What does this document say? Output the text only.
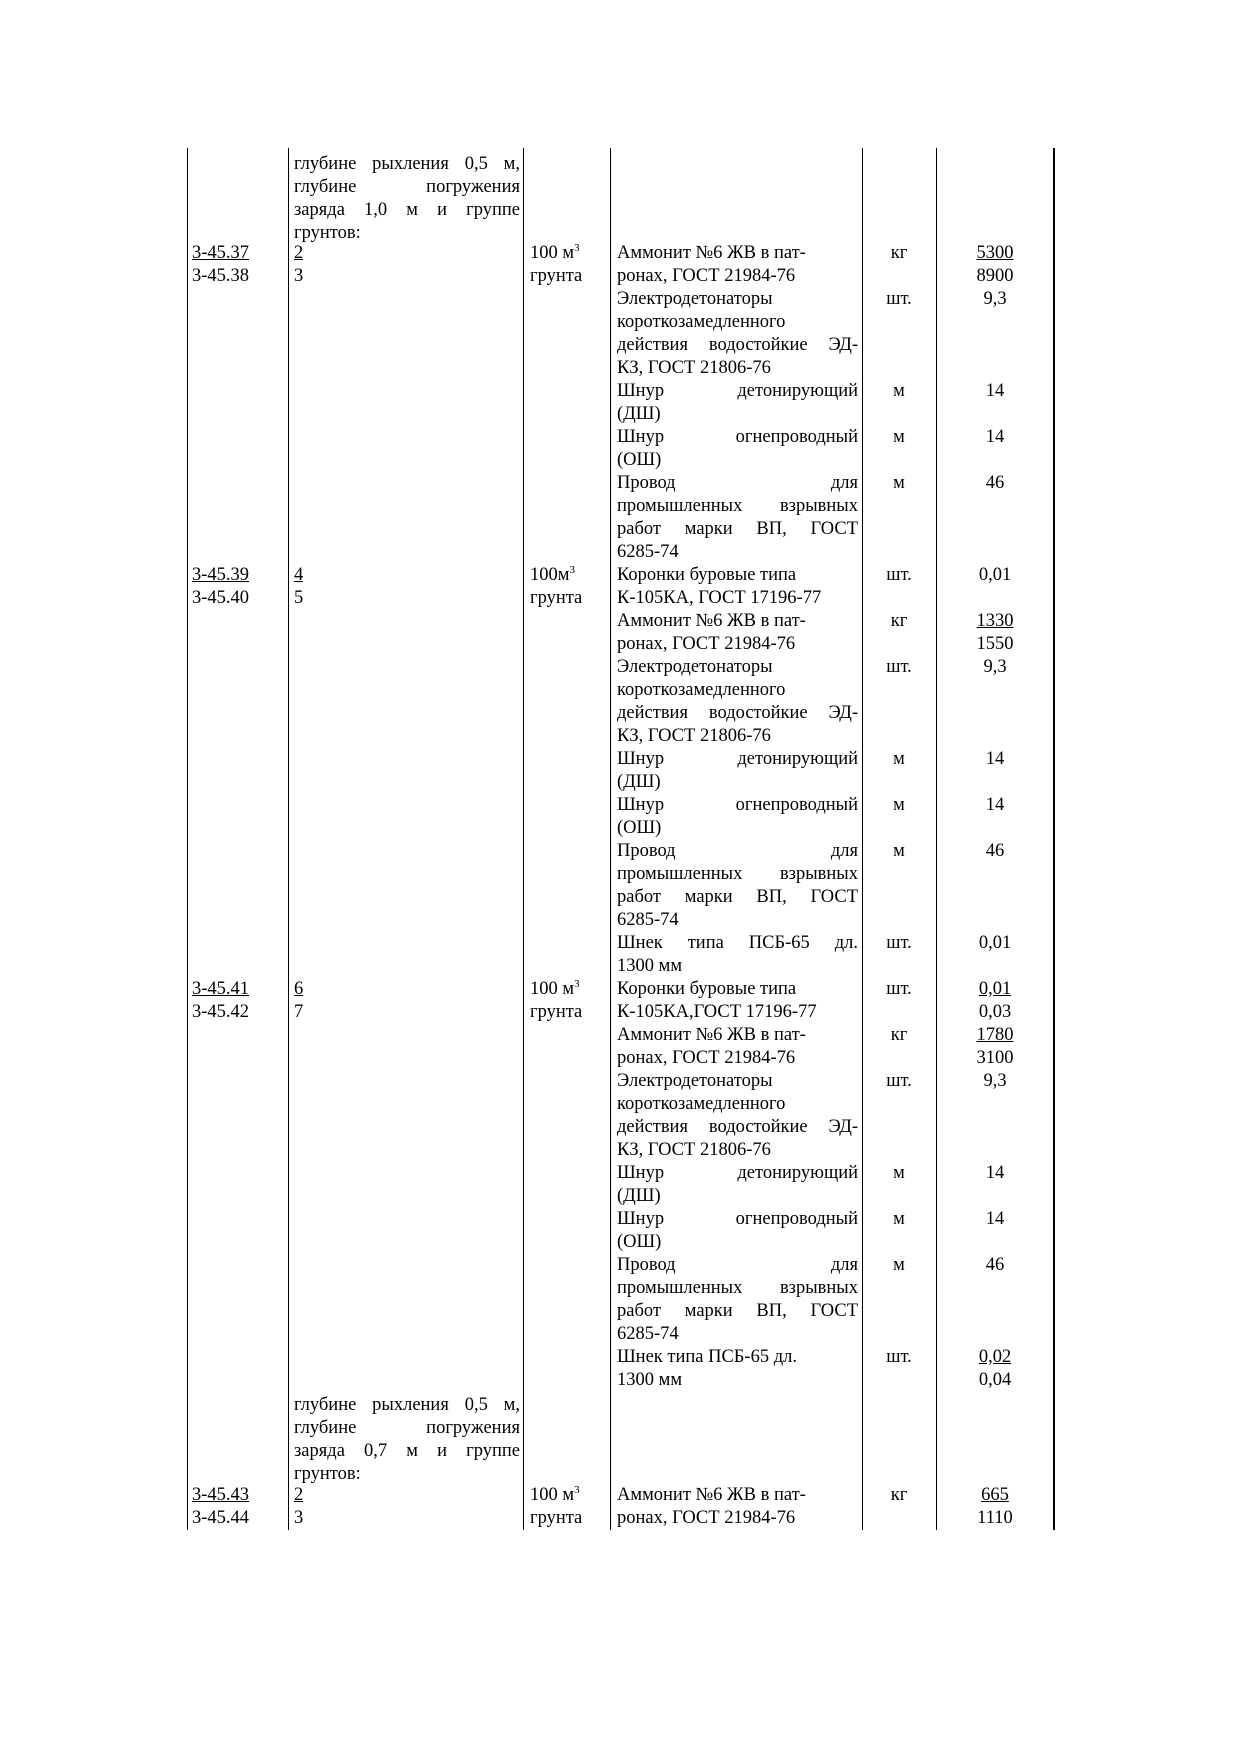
глубине рыхления 0,5 м,
глубине погружения
заряда 1,0 м и группе
грунтов:
3-45.37
3-45.38
2
3
100 $м^3$
грунта
Аммонит №6 ЖВ в пат-
ронах, ГОСТ 21984-76
Электродетонаторы
короткозамедленного
действия водостойкие ЭД-
КЗ, ГОСТ 21806-76
Шнур детонирующий
(ДШ)
Шнур огнепроводный
(ОШ)
Провод для
промышленных взрывных
работ марки ВП, ГОСТ
6285-74
Коронки буровые типа
К-105КА, ГОСТ 17196-77
Аммонит №6 ЖВ в пат-
ронах, ГОСТ 21984-76
Электродетонаторы
короткозамедленного
действия водостойкие ЭД-
КЗ, ГОСТ 21806-76
Шнур детонирующий
(ДШ)
Шнур огнепроводный
(ОШ)
Провод для
промышленных взрывных
работ марки ВП, ГОСТ
6285-74
Шнек типа ПСБ-65 дл.
1300 мм
Коронки буровые типа
К-105КА,ГОСТ 17196-77
Аммонит №6 ЖВ в пат-
ронах, ГОСТ 21984-76
Электродетонаторы
короткозамедленного
действия водостойкие ЭД-
КЗ, ГОСТ 21806-76
Шнур детонирующий
(ДШ)
Шнур огнепроводный
(ОШ)
Провод для
промышленных взрывных
работ марки ВП, ГОСТ
6285-74
Шнек типа ПСБ-65 дл.
1300 мм
кг
шт.
м
м
м
шт.
кг
шт.
м
м
м
шт.
шт.
кг
шт.
м
м
м
шт.
5300
8900
9,3
14
14
46
0,01
1330
1550
9,3
14
14
46
0,01
0,01
0,03
1780
3100
9,3
14
14
46
0,02
0,04
3-45.39
3-45.40
4
5
$100м^3$
грунта
3-45.41
3-45.42
6
7
100 $м^3$
грунта
глубине рыхления 0,5 м,
глубине погружения
заряда 0,7 м и группе
грунтов:
3-45.43
3-45.44
2
3
100 $м^3$
грунта
Аммонит №6 ЖВ в пат-
ронах, ГОСТ 21984-76
кг	665
1110
